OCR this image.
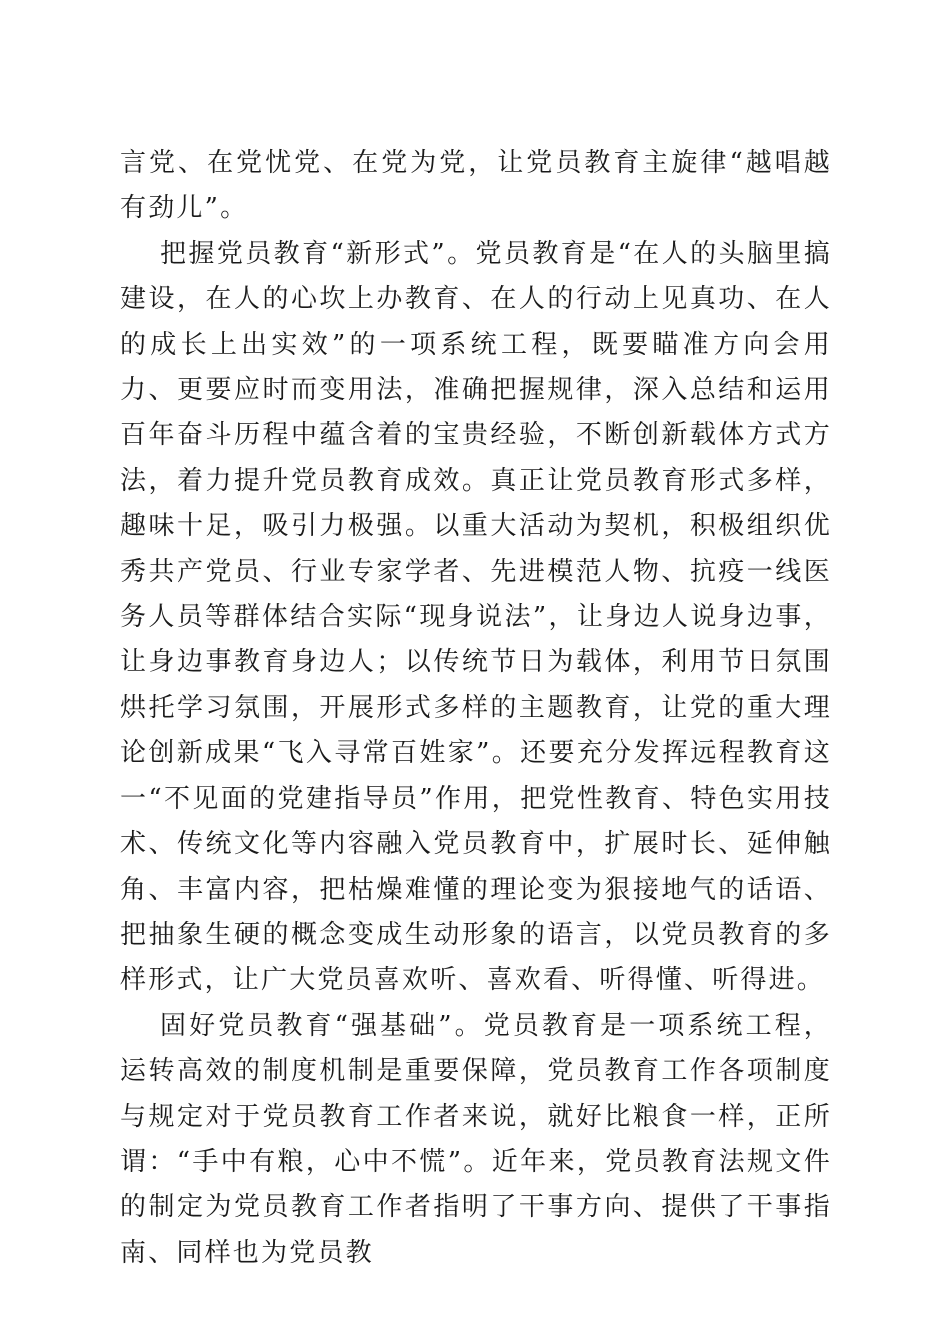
言党、在党忧党、在党为党，让党员教育主旋律“越唱越有劲儿”。

把握党员教育“新形式”。党员教育是“在人的头脑里搞建设，在人的心坎上办教育、在人的行动上见真功、在人的成长上出实效”的一项系统工程，既要瞄准方向会用力、更要应时而变用法，准确把握规律，深入总结和运用百年奋斗历程中蕴含着的宝贵经验，不断创新载体方式方法，着力提升党员教育成效。真正让党员教育形式多样，趣味十足，吸引力极强。以重大活动为契机，积极组织优秀共产党员、行业专家学者、先进模范人物、抗疫一线医务人员等群体结合实际“现身说法”，让身边人说身边事，让身边事教育身边人；以传统节日为载体，利用节日氛围烘托学习氛围，开展形式多样的主题教育，让党的重大理论创新成果“飞入寻常百姓家”。还要充分发挥远程教育这一“不见面的党建指导员”作用，把党性教育、特色实用技术、传统文化等内容融入党员教育中，扩展时长、延伸触角、丰富内容，把枯燥难懂的理论变为狠接地气的话语、把抽象生硬的概念变成生动形象的语言，以党员教育的多样形式，让广大党员喜欢听、喜欢看、听得懂、听得进。

固好党员教育“强基础”。党员教育是一项系统工程，运转高效的制度机制是重要保障，党员教育工作各项制度与规定对于党员教育工作者来说，就好比粮食一样，正所谓：“手中有粮，心中不慌”。近年来，党员教育法规文件的制定为党员教育工作者指明了干事方向、提供了干事指南、同样也为党员教
